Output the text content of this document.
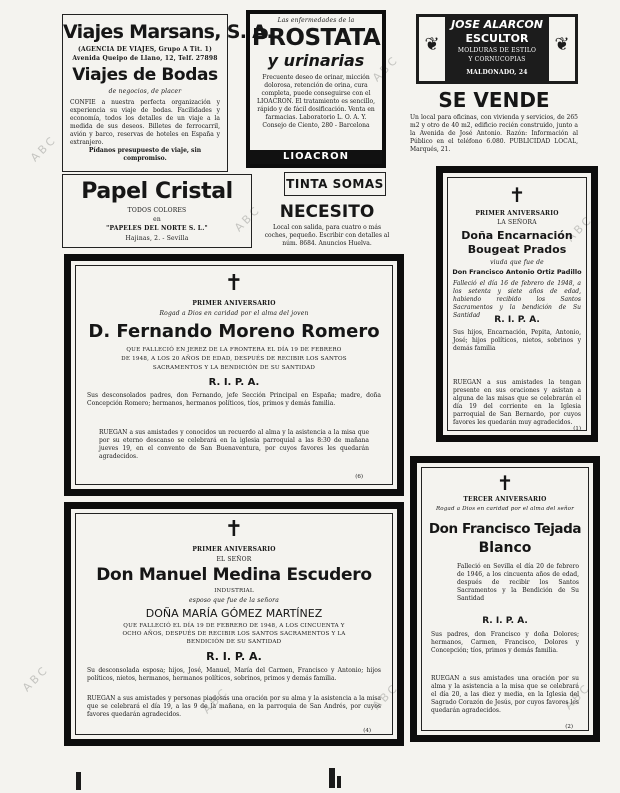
ABC
ABC
ABC
ABC
ABC
ABC	ABC	ABC
Viajes Marsans, S. A.
(AGENCIA DE VIAJES, Grupo A Tit. 1)
Avenida Queipo de Llano, 12, Telf. 27898
Viajes de Bodas
de negocios, de placer
CONFIE a nuestra perfecta organización y experiencia su viaje de bodas. Facilidades y economía, todos los detalles de un viaje a la medida de sus deseos. Billetes de ferrocarril, avión y barco, reservas de hoteles en España y extranjero.
Pídanos presupuesto de viaje, sin compromiso.
Las enfermedades de la
PROSTATA
y urinarias
Frecuente deseo de orinar, micción dolorosa, retención de orina, cura completa, puede conseguirse con el LIOACRON. El tratamiento es sencillo, rápido y de fácil dosificación. Venta en farmacias. Laboratorio L. O. A. Y. Consejo de Ciento, 280 - Barcelona
LIOACRON
❦	❦
JOSE ALARCON
ESCULTOR
MOLDURAS DE ESTILO
Y CORNUCOPIAS
MALDONADO, 24
SE VENDE
Un local para oficinas, con vivienda y servicios, de 265 m2 y otro de 40 m2, edificio recién construido, junto a la Avenida de José Antonio. Razón: Información al Público en el teléfono 6.080. PUBLICIDAD LOCAL, Marqués, 21.
Papel Cristal
TODOS COLORES
en
"PAPELES DEL NORTE S. L."
Hajinas, 2. - Sevilla
TINTA SOMAS
NECESITO
Local con salida, para cuatro o más coches, pequeño. Escribir con detalles al núm. 8684. Anuncios Huelva.
✝
PRIMER ANIVERSARIO
LA SEÑORA
Doña Encarnación Bougeat Prados
viuda que fue de
Don Francisco Antonio Ortiz Padillo
Falleció el día 16 de febrero de 1948, a los setenta y siete años de edad, habiendo recibido los Santos Sacramentos y la bendición de Su Santidad	R. I. P. A.
Sus hijos, Encarnación, Pepita, Antonio, José; hijos políticos, nietos, sobrinos y demás familia
RUEGAN a sus amistades la tengan presente en sus oraciones y asistan a alguna de las misas que se celebrarán el día 19 del corriente en la Iglesia parroquial de San Bernardo, por cuyos favores les quedarán muy agradecidos.
(1)
✝
PRIMER ANIVERSARIO
Rogad a Dios en caridad por el alma del joven
D. Fernando Moreno Romero
QUE FALLECIÓ EN JEREZ DE LA FRONTERA EL DÍA 19 DE FEBRERO
DE 1948, A LOS 20 AÑOS DE EDAD, DESPUÉS DE RECIBIR LOS SANTOS
SACRAMENTOS Y LA BENDICIÓN DE SU SANTIDAD
R. I. P. A.
Sus desconsolados padres, don Fernando, jefe Sección Principal en España; madre, doña Concepción Romero; hermanos, hermanos políticos, tíos, primos y demás familia.
RUEGAN a sus amistades y conocidos un recuerdo al alma y la asistencia a la misa que por su eterno descanso se celebrará en la iglesia parroquial a las 8:30 de mañana jueves 19, en el convento de San Buenaventura, por cuyos favores les quedarán agradecidos.
(6)	✝
TERCER ANIVERSARIO
Rogad a Dios en caridad por el alma del señor
Don Francisco Tejada
Blanco
Falleció en Sevilla el día 20 de febrero de 1946, a los cincuenta años de edad, después de recibir los Santos Sacramentos y la Bendición de Su Santidad
R. I. P. A.
Sus padres, don Francisco y doña Dolores; hermanos, Carmen, Francisco, Dolores y Concepción; tíos, primos y demás familia.
RUEGAN a sus amistades una oración por su alma y la asistencia a la misa que se celebrará el día 20, a las diez y media, en la Iglesia del Sagrado Corazón de Jesús, por cuyos favores les quedarán agradecidos.
(2)
✝
PRIMER ANIVERSARIO
EL SEÑOR
Don Manuel Medina Escudero
INDUSTRIAL
esposo que fue de la señora
DOÑA MARÍA GÓMEZ MARTÍNEZ
QUE FALLECIÓ EL DÍA 19 DE FEBRERO DE 1948, A LOS CINCUENTA Y
OCHO AÑOS, DESPUÉS DE RECIBIR LOS SANTOS SACRAMENTOS Y LA
BENDICIÓN DE SU SANTIDAD
R. I. P. A.
Su desconsolada esposa; hijos, José, Manuel, María del Carmen, Francisco y Antonio; hijos políticos, nietos, hermanos, hermanos políticos, sobrinos, primos y demás familia.
RUEGAN a sus amistades y personas piadosas una oración por su alma y la asistencia a la misa que se celebrará el día 19, a las 9 de la mañana, en la parroquia de San Andrés, por cuyos favores quedarán agradecidos.
(4)
